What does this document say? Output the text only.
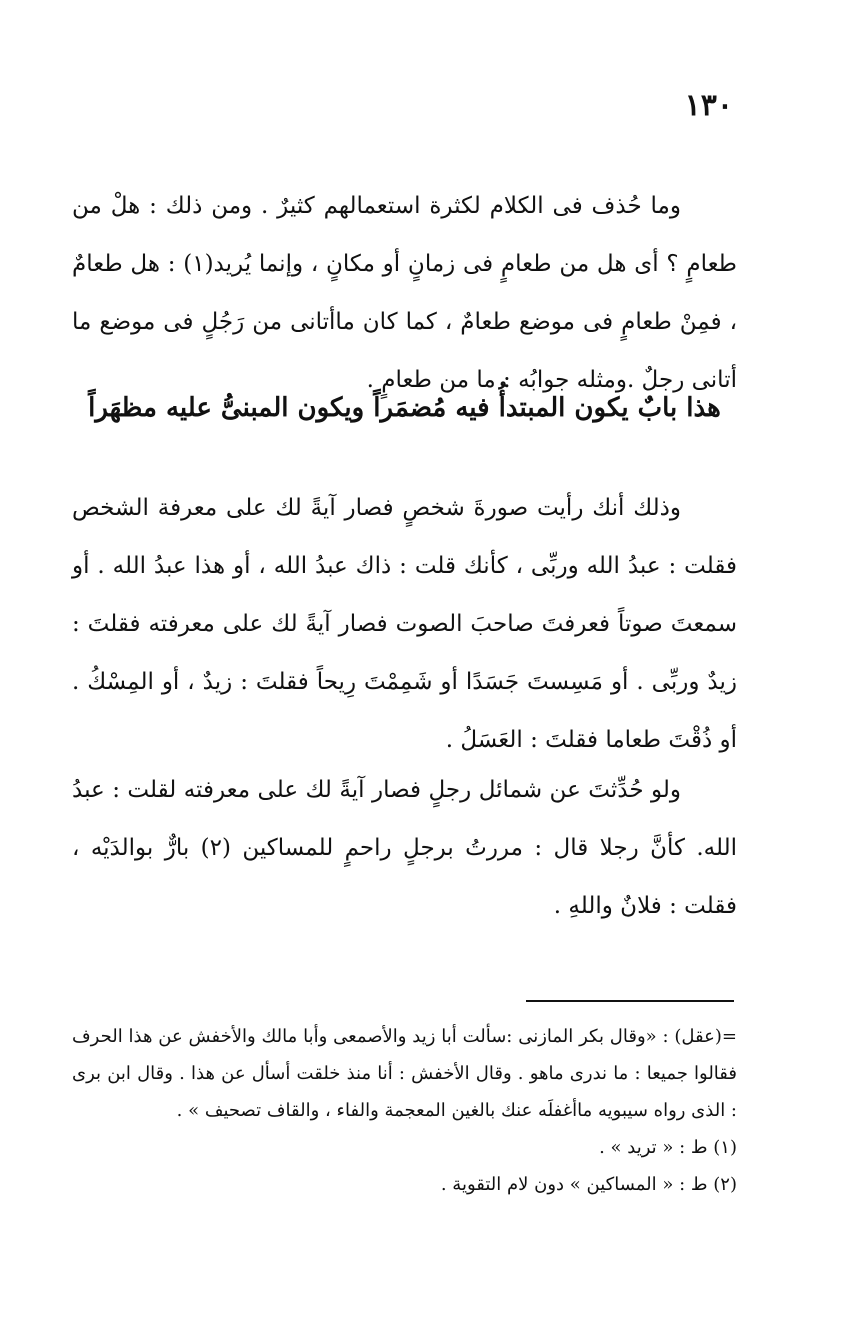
١٣٠

وما حُذف فى الكلام لكثرة استعمالهم كثيرٌ . ومن ذلك : هلْ من طعامٍ ؟ أى هل من طعامٍ فى زمانٍ أو مكانٍ ، وإنما يُريد(١) : هل طعامٌ ، فمِنْ طعامٍ فى موضع طعامٌ ، كما كان ماأتانى من رَجُلٍ فى موضع ما أتانى رجلٌ .ومثله جوابُه : ما من طعامٍ .

هذا بابٌ يكون المبتدأُ فيه مُضمَراً ويكون المبنىُّ عليه مظهَراً

وذلك أنك رأيت صورةَ شخصٍ فصار آيةً لك على معرفة الشخص فقلت : عبدُ الله وربِّى ، كأنك قلت : ذاك عبدُ الله ، أو هذا عبدُ الله . أو سمعتَ صوتاً فعرفتَ صاحبَ الصوت فصار آيةً لك على معرفته فقلتَ : زيدٌ وربِّى . أو مَسِستَ جَسَدًا أو شَمِمْتَ رِيحاً فقلتَ : زيدٌ ، أو المِسْكُ . أو ذُقْتَ طعاما فقلتَ : العَسَلُ .

ولو حُدِّثتَ عن شمائل رجلٍ فصار آيةً لك على معرفته لقلت : عبدُ الله. كأنَّ رجلا قال : مررتُ برجلٍ راحمٍ للمساكين (٢) بارٌّ بوالدَيْه ، فقلت : فلانٌ واللهِ .

=(عقل) : «وقال بكر المازنى :سألت أبا زيد والأصمعى وأبا مالك والأخفش عن هذا الحرف فقالوا جميعا : ما ندرى ماهو . وقال الأخفش : أنا منذ خلقت أسأل عن هذا . وقال ابن برى : الذى رواه سيبويه ماأغفلَه عنك بالغين المعجمة والفاء ، والقاف تصحيف » .

(١) ط : « تريد » .

(٢) ط : « المساكين » دون لام التقوية .
